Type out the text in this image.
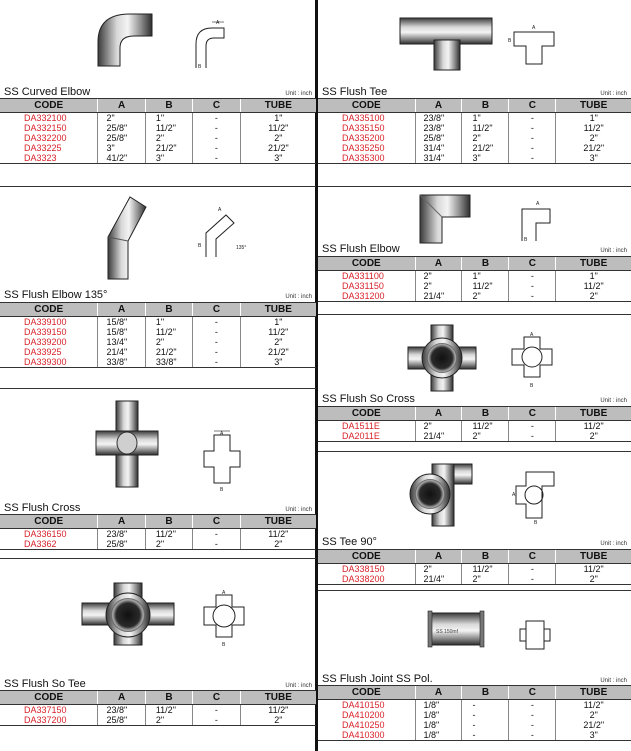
A
B
SS Curved Elbow	Unit : inch
CODE	A	B	C	TUBE
DA332100	2"	1"	-	1"
DA332150	25/8"	11/2"	-	11/2"
DA332200	25/8"	2"	-	2"
DA33225	3"	21/2"	-	21/2"
DA3323	41/2"	3"	-	3"
A
B	135°
SS Flush Elbow 135°	Unit : inch
CODE	A	B	C	TUBE
DA339100	15/8"	1"	-	1"
DA339150	15/8"	11/2"	-	11/2"
DA339200	13/4"	2"	-	2"
DA33925	21/4"	21/2"	-	21/2"
DA339300	33/8"	33/8"	-	3"
A
B
SS Flush Cross	Unit : inch
CODE	A	B	C	TUBE
DA336150	23/8"	11/2"	-	11/2"
DA3362	25/8"	2"	-	2"
A
B
SS Flush So Tee	Unit : inch
CODE	A	B	C	TUBE
DA337150	23/8"	11/2"	-	11/2"
DA337200	25/8"	2"	-	2"
A
B
SS Flush Tee	Unit : inch
CODE	A	B	C	TUBE
DA335100	23/8"	1"	-	1"
DA335150	23/8"	11/2"	-	11/2"
DA335200	25/8"	2"	-	2"
DA335250	31/4"	21/2"	-	21/2"
DA335300	31/4"	3"	-	3"
A
B
SS Flush Elbow	Unit : inch
CODE	A	B	C	TUBE
DA331100	2"	1"	-	1"
DA331150	2"	11/2"	-	11/2"
DA331200	21/4"	2"	-	2"
A
B
SS Flush So Cross	Unit : inch
CODE	A	B	C	TUBE
DA1511E	2"	11/2"	-	11/2"
DA2011E	21/4"	2"	-	2"
B
A
SS Tee 90°	Unit : inch
CODE	A	B	C	TUBE
DA338150	2"	11/2"	-	11/2"
DA338200	21/4"	2"	-	2"
SS 150mf
SS Flush Joint SS Pol.	Unit : inch
CODE	A	B	C	TUBE
DA410150	1/8"	-	-	11/2"
DA410200	1/8"	-	-	2"
DA410250	1/8"	-	-	21/2"
DA410300	1/8"	-	-	3"
